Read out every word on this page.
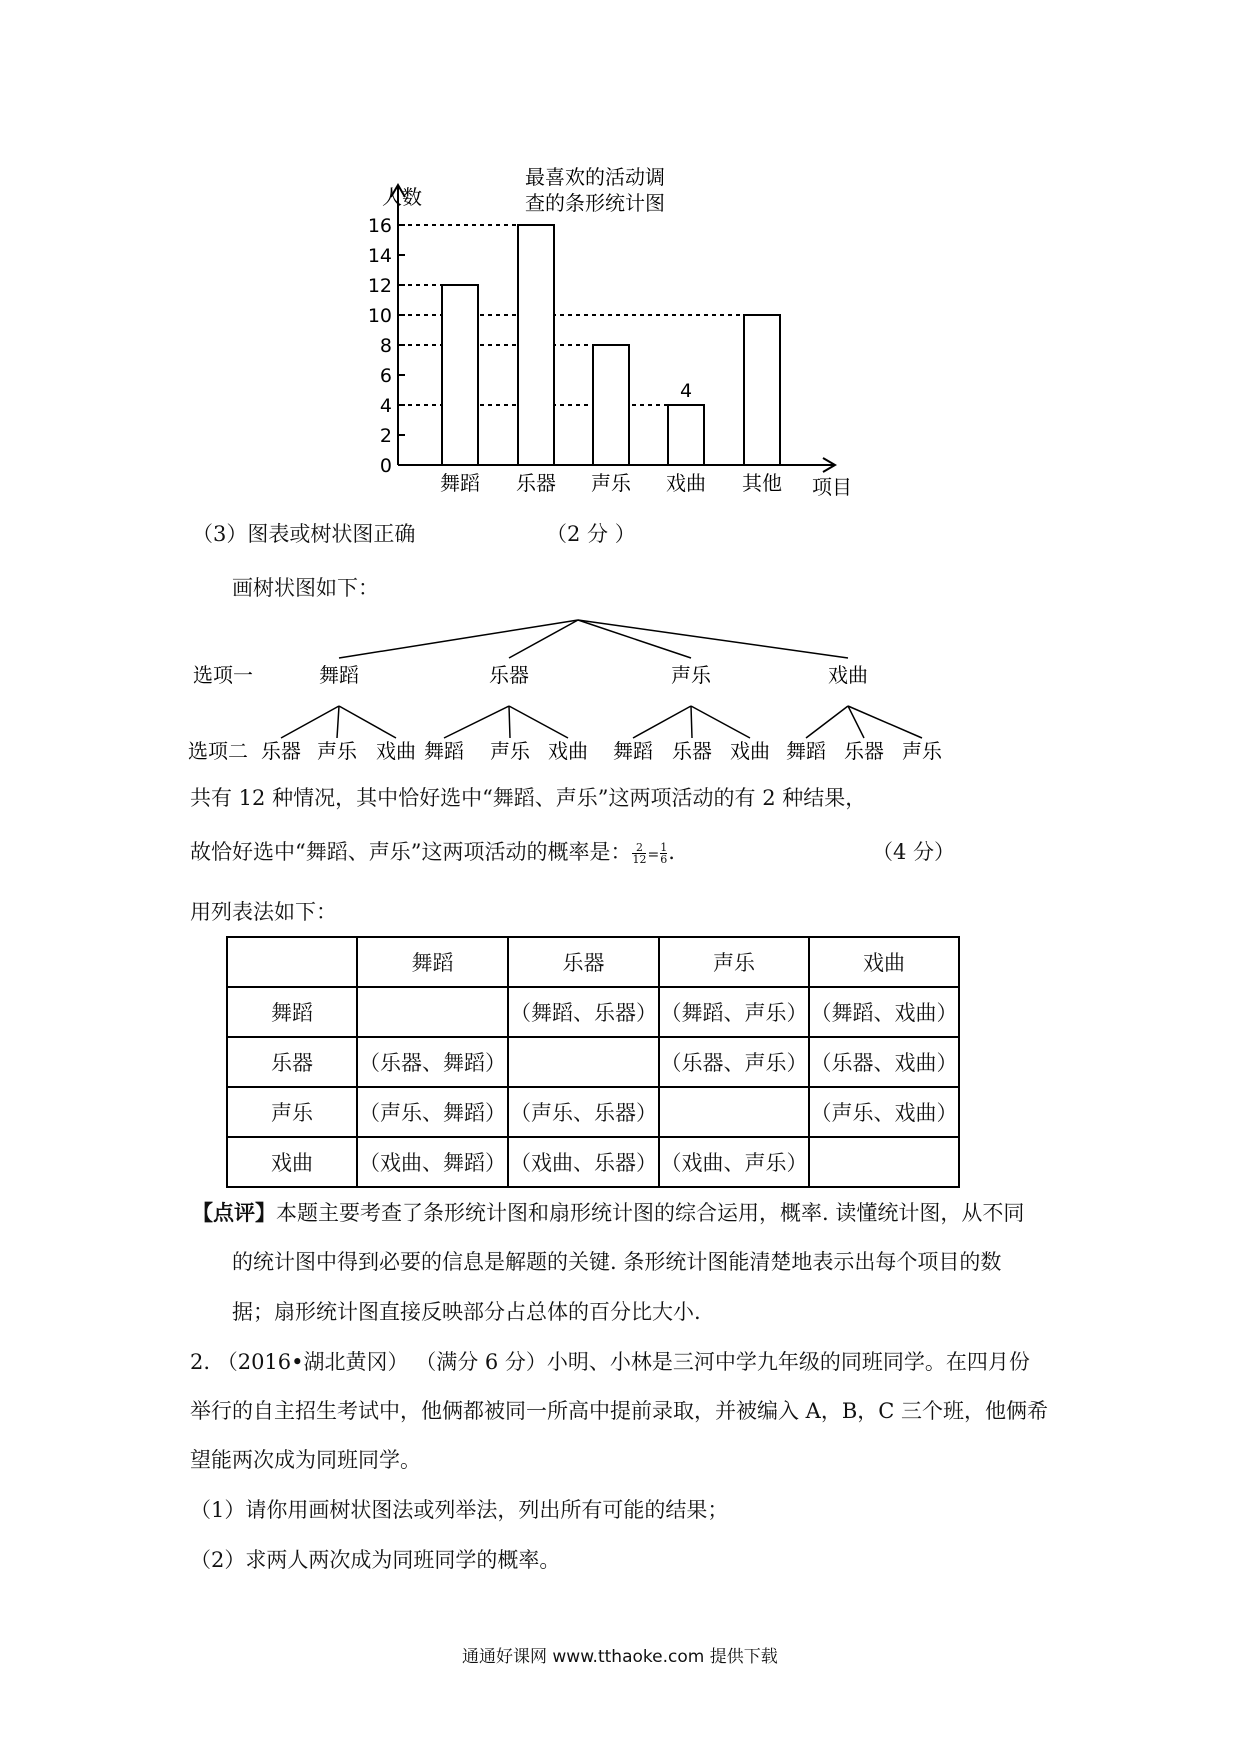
最喜欢的活动调
查的条形统计图
人数
项目
0
2
4
6
8
10
12
14
16
舞蹈 乐器 声乐 戏曲 其他
4
（3）图表或树状图正确	（2 分 ）
画树状图如下：
选项一
选项二
舞蹈
乐器 声乐 戏曲
乐器
舞蹈 声乐 戏曲
声乐
舞蹈 乐器 戏曲
戏曲
舞蹈 乐器 声乐
共有 12 种情况，其中恰好选中“舞蹈、声乐”这两项活动的有 2 种结果，
故恰好选中“舞蹈、声乐”这两项活动的概率是： $\frac{2}{12} = \frac{1}{6}$ .	（4 分）
用列表法如下：
	舞蹈	乐器	声乐	戏曲
舞蹈		（舞蹈、乐器）	（舞蹈、声乐）	（舞蹈、戏曲）
乐器	（乐器、舞蹈）		（乐器、声乐）	（乐器、戏曲）
声乐	（声乐、舞蹈）	（声乐、乐器）		（声乐、戏曲）
戏曲	（戏曲、舞蹈）	（戏曲、乐器）	（戏曲、声乐）	
【点评】本题主要考查了条形统计图和扇形统计图的综合运用，概率. 读懂统计图，从不同
的统计图中得到必要的信息是解题的关键. 条形统计图能清楚地表示出每个项目的数
据；扇形统计图直接反映部分占总体的百分比大小.
2. （2016•湖北黄冈） （满分 6 分）小明、小林是三河中学九年级的同班同学。在四月份
举行的自主招生考试中，他俩都被同一所高中提前录取，并被编入 A，B，C 三个班，他俩希
望能两次成为同班同学。
（1）请你用画树状图法或列举法，列出所有可能的结果；
（2）求两人两次成为同班同学的概率。
通通好课网 www.tthaoke.com 提供下载
